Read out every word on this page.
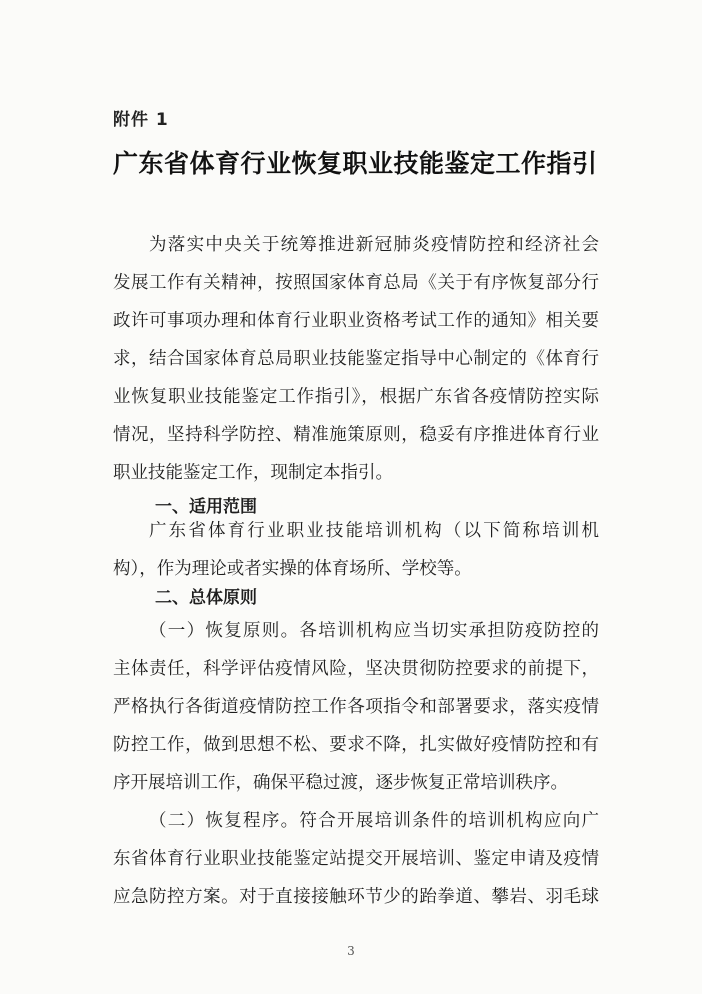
附件 1
广东省体育行业恢复职业技能鉴定工作指引
为落实中央关于统筹推进新冠肺炎疫情防控和经济社会
发展工作有关精神，按照国家体育总局《关于有序恢复部分行
政许可事项办理和体育行业职业资格考试工作的通知》相关要
求，结合国家体育总局职业技能鉴定指导中心制定的《体育行
业恢复职业技能鉴定工作指引》，根据广东省各疫情防控实际
情况，坚持科学防控、精准施策原则，稳妥有序推进体育行业
职业技能鉴定工作，现制定本指引。
一、适用范围
广东省体育行业职业技能培训机构（以下简称培训机
构），作为理论或者实操的体育场所、学校等。
二、总体原则
（一）恢复原则。各培训机构应当切实承担防疫防控的
主体责任，科学评估疫情风险，坚决贯彻防控要求的前提下，
严格执行各街道疫情防控工作各项指令和部署要求，落实疫情
防控工作，做到思想不松、要求不降，扎实做好疫情防控和有
序开展培训工作，确保平稳过渡，逐步恢复正常培训秩序。
（二）恢复程序。符合开展培训条件的培训机构应向广
东省体育行业职业技能鉴定站提交开展培训、鉴定申请及疫情
应急防控方案。对于直接接触环节少的跆拳道、攀岩、羽毛球
3
